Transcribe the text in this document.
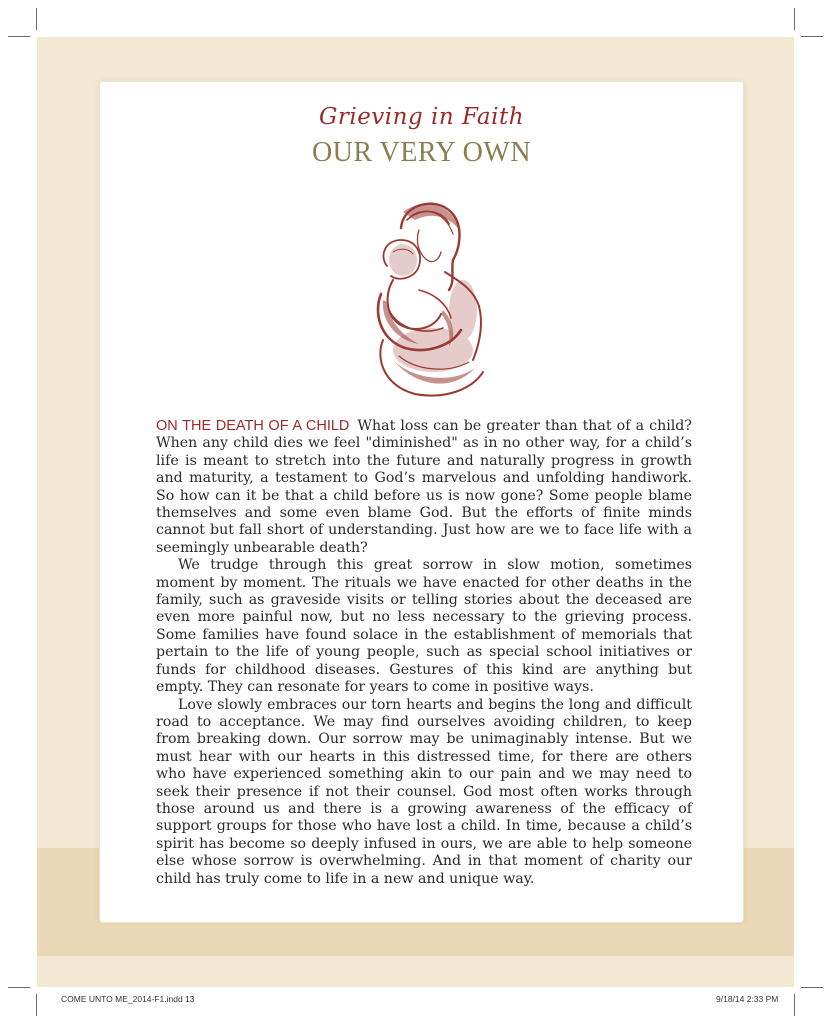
Grieving in Faith
OUR VERY OWN

ON THE DEATH OF A CHILD What loss can be greater than that of a child? When any child dies we feel "diminished" as in no other way, for a child’s life is meant to stretch into the future and naturally progress in growth and maturity, a testament to God’s marvelous and unfolding handiwork. So how can it be that a child before us is now gone? Some people blame themselves and some even blame God. But the efforts of finite minds cannot but fall short of understanding. Just how are we to face life with a seemingly unbearable death?

We trudge through this great sorrow in slow motion, sometimes moment by moment. The rituals we have enacted for other deaths in the family, such as graveside visits or telling stories about the deceased are even more painful now, but no less necessary to the grieving process. Some families have found solace in the establishment of memorials that pertain to the life of young people, such as special school initiatives or funds for childhood diseases. Gestures of this kind are anything but empty. They can resonate for years to come in positive ways.

Love slowly embraces our torn hearts and begins the long and difficult road to acceptance. We may find ourselves avoiding children, to keep from breaking down. Our sorrow may be unimaginably intense. But we must hear with our hearts in this distressed time, for there are others who have experienced something akin to our pain and we may need to seek their presence if not their counsel. God most often works through those around us and there is a growing awareness of the efficacy of support groups for those who have lost a child. In time, because a child’s spirit has become so deeply infused in ours, we are able to help someone else whose sorrow is overwhelming. And in that moment of charity our child has truly come to life in a new and unique way.

COME UNTO ME_2014-F1.indd 13	9/18/14 2:33 PM
